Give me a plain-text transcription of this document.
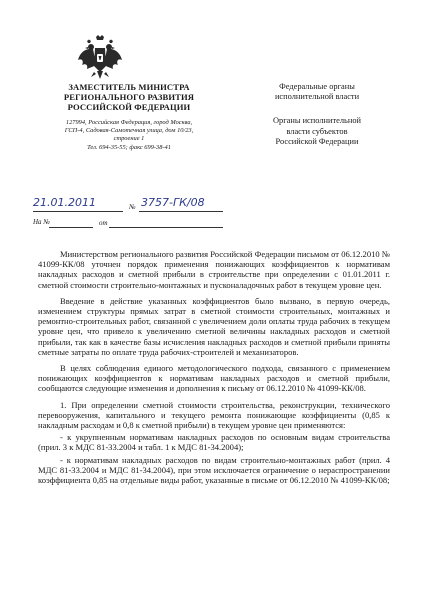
ЗАМЕСТИТЕЛЬ МИНИСТРА
РЕГИОНАЛЬНОГО РАЗВИТИЯ
РОССИЙСКОЙ ФЕДЕРАЦИИ
127994, Российская Федерация, город Москва,
ГСП-4, Садовая-Самотечная улица, дом 10/23,
строение 1
Тел. 694-35-55; факс 699-38-41
Федеральные органы
исполнительной власти
Органы исполнительной
власти субъектов
Российской Федерации
21.01.2011	№ 3757-ГК/08
На №	от

Министерством регионального развития Российской Федерации письмом от 06.12.2010 № 41099-КК/08 уточнен порядок применения понижающих коэффициентов к нормативам накладных расходов и сметной прибыли в строительстве при определении с 01.01.2011 г. сметной стоимости строительно-монтажных и пусконаладочных работ в текущем уровне цен.

Введение в действие указанных коэффициентов было вызвано, в первую очередь, изменением структуры прямых затрат в сметной стоимости строительных, монтажных и ремонтно-строительных работ, связанной с увеличением доли оплаты труда рабочих в текущем уровне цен, что привело к увеличению сметной величины накладных расходов и сметной прибыли, так как в качестве базы исчисления накладных расходов и сметной прибыли приняты сметные затраты по оплате труда рабочих-строителей и механизаторов.

В целях соблюдения единого методологического подхода, связанного с применением понижающих коэффициентов к нормативам накладных расходов и сметной прибыли, сообщаются следующие изменения и дополнения к письму от 06.12.2010 № 41099-КК/08.

1. При определении сметной стоимости строительства, реконструкции, технического перевооружения, капитального и текущего ремонта понижающие коэффициенты (0,85 к накладным расходам и 0,8 к сметной прибыли) в текущем уровне цен применяются:

- к укрупненным нормативам накладных расходов по основным видам строительства (прил. 3 к МДС 81-33.2004 и табл. 1 к МДС 81-34.2004);

- к нормативам накладных расходов по видам строительно-монтажных работ (прил. 4 МДС 81-33.2004 и МДС 81-34.2004), при этом исключается ограничение о нераспространении коэффициента 0,85 на отдельные виды работ, указанные в письме от 06.12.2010 № 41099-КК/08;
